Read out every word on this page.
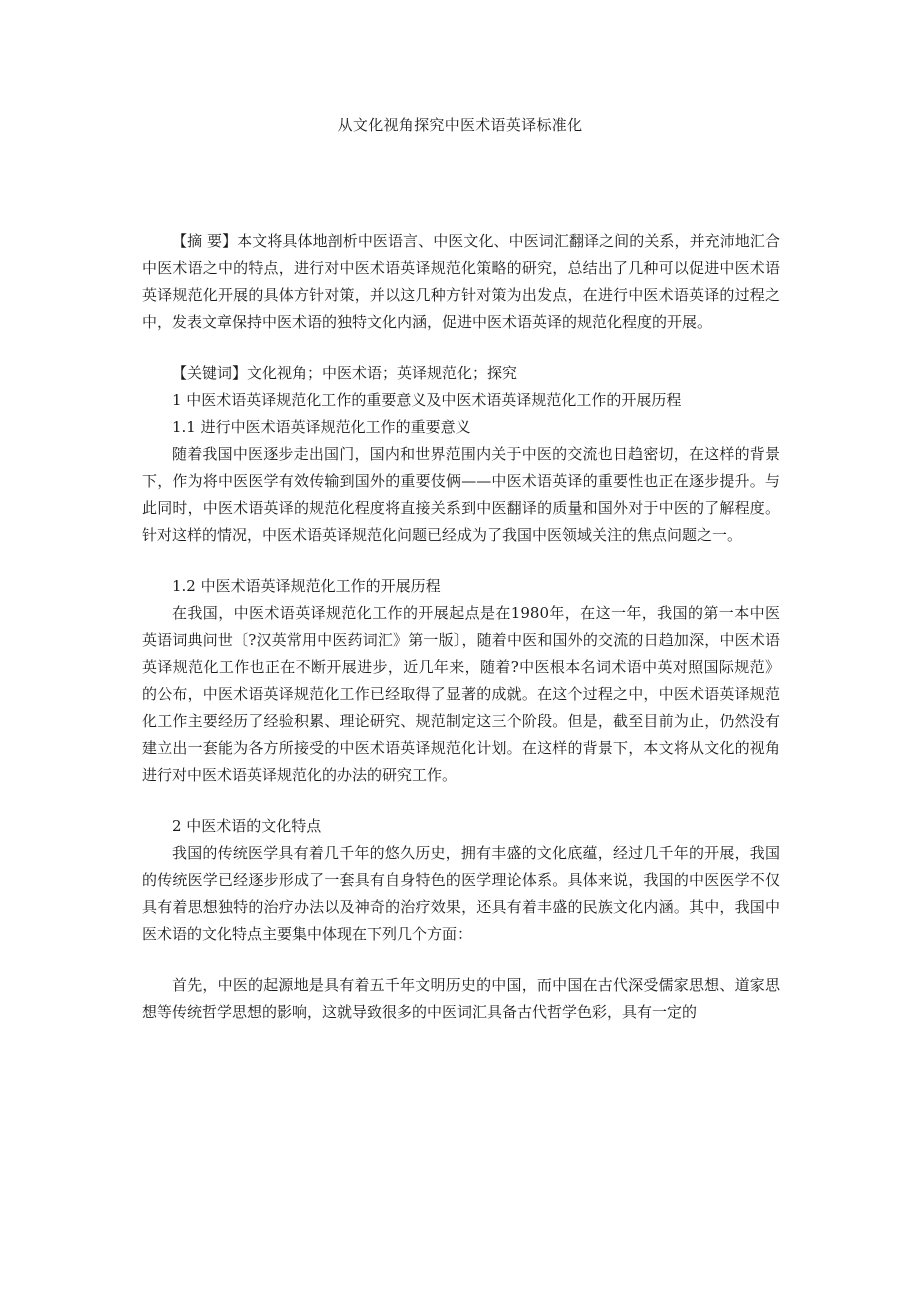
从文化视角探究中医术语英译标准化

【摘 要】本文将具体地剖析中医语言、中医文化、中医词汇翻译之间的关系，并充沛地汇合中医术语之中的特点，进行对中医术语英译规范化策略的研究，总结出了几种可以促进中医术语英译规范化开展的具体方针对策，并以这几种方针对策为出发点，在进行中医术语英译的过程之中，发表文章保持中医术语的独特文化内涵，促进中医术语英译的规范化程度的开展。

【关键词】文化视角；中医术语；英译规范化；探究

1 中医术语英译规范化工作的重要意义及中医术语英译规范化工作的开展历程

1.1 进行中医术语英译规范化工作的重要意义

随着我国中医逐步走出国门，国内和世界范围内关于中医的交流也日趋密切，在这样的背景下，作为将中医医学有效传输到国外的重要伎俩——中医术语英译的重要性也正在逐步提升。与此同时，中医术语英译的规范化程度将直接关系到中医翻译的质量和国外对于中医的了解程度。针对这样的情况，中医术语英译规范化问题已经成为了我国中医领域关注的焦点问题之一。

1.2 中医术语英译规范化工作的开展历程

在我国，中医术语英译规范化工作的开展起点是在1980年，在这一年，我国的第一本中医英语词典问世〔?汉英常用中医药词汇》第一版〕，随着中医和国外的交流的日趋加深，中医术语英译规范化工作也正在不断开展进步，近几年来，随着?中医根本名词术语中英对照国际规范》的公布，中医术语英译规范化工作已经取得了显著的成就。在这个过程之中，中医术语英译规范化工作主要经历了经验积累、理论研究、规范制定这三个阶段。但是，截至目前为止，仍然没有建立出一套能为各方所接受的中医术语英译规范化计划。在这样的背景下，本文将从文化的视角进行对中医术语英译规范化的办法的研究工作。

2 中医术语的文化特点

我国的传统医学具有着几千年的悠久历史，拥有丰盛的文化底蕴，经过几千年的开展，我国的传统医学已经逐步形成了一套具有自身特色的医学理论体系。具体来说，我国的中医医学不仅具有着思想独特的治疗办法以及神奇的治疗效果，还具有着丰盛的民族文化内涵。其中，我国中医术语的文化特点主要集中体现在下列几个方面：

首先，中医的起源地是具有着五千年文明历史的中国，而中国在古代深受儒家思想、道家思想等传统哲学思想的影响，这就导致很多的中医词汇具备古代哲学色彩，具有一定的
